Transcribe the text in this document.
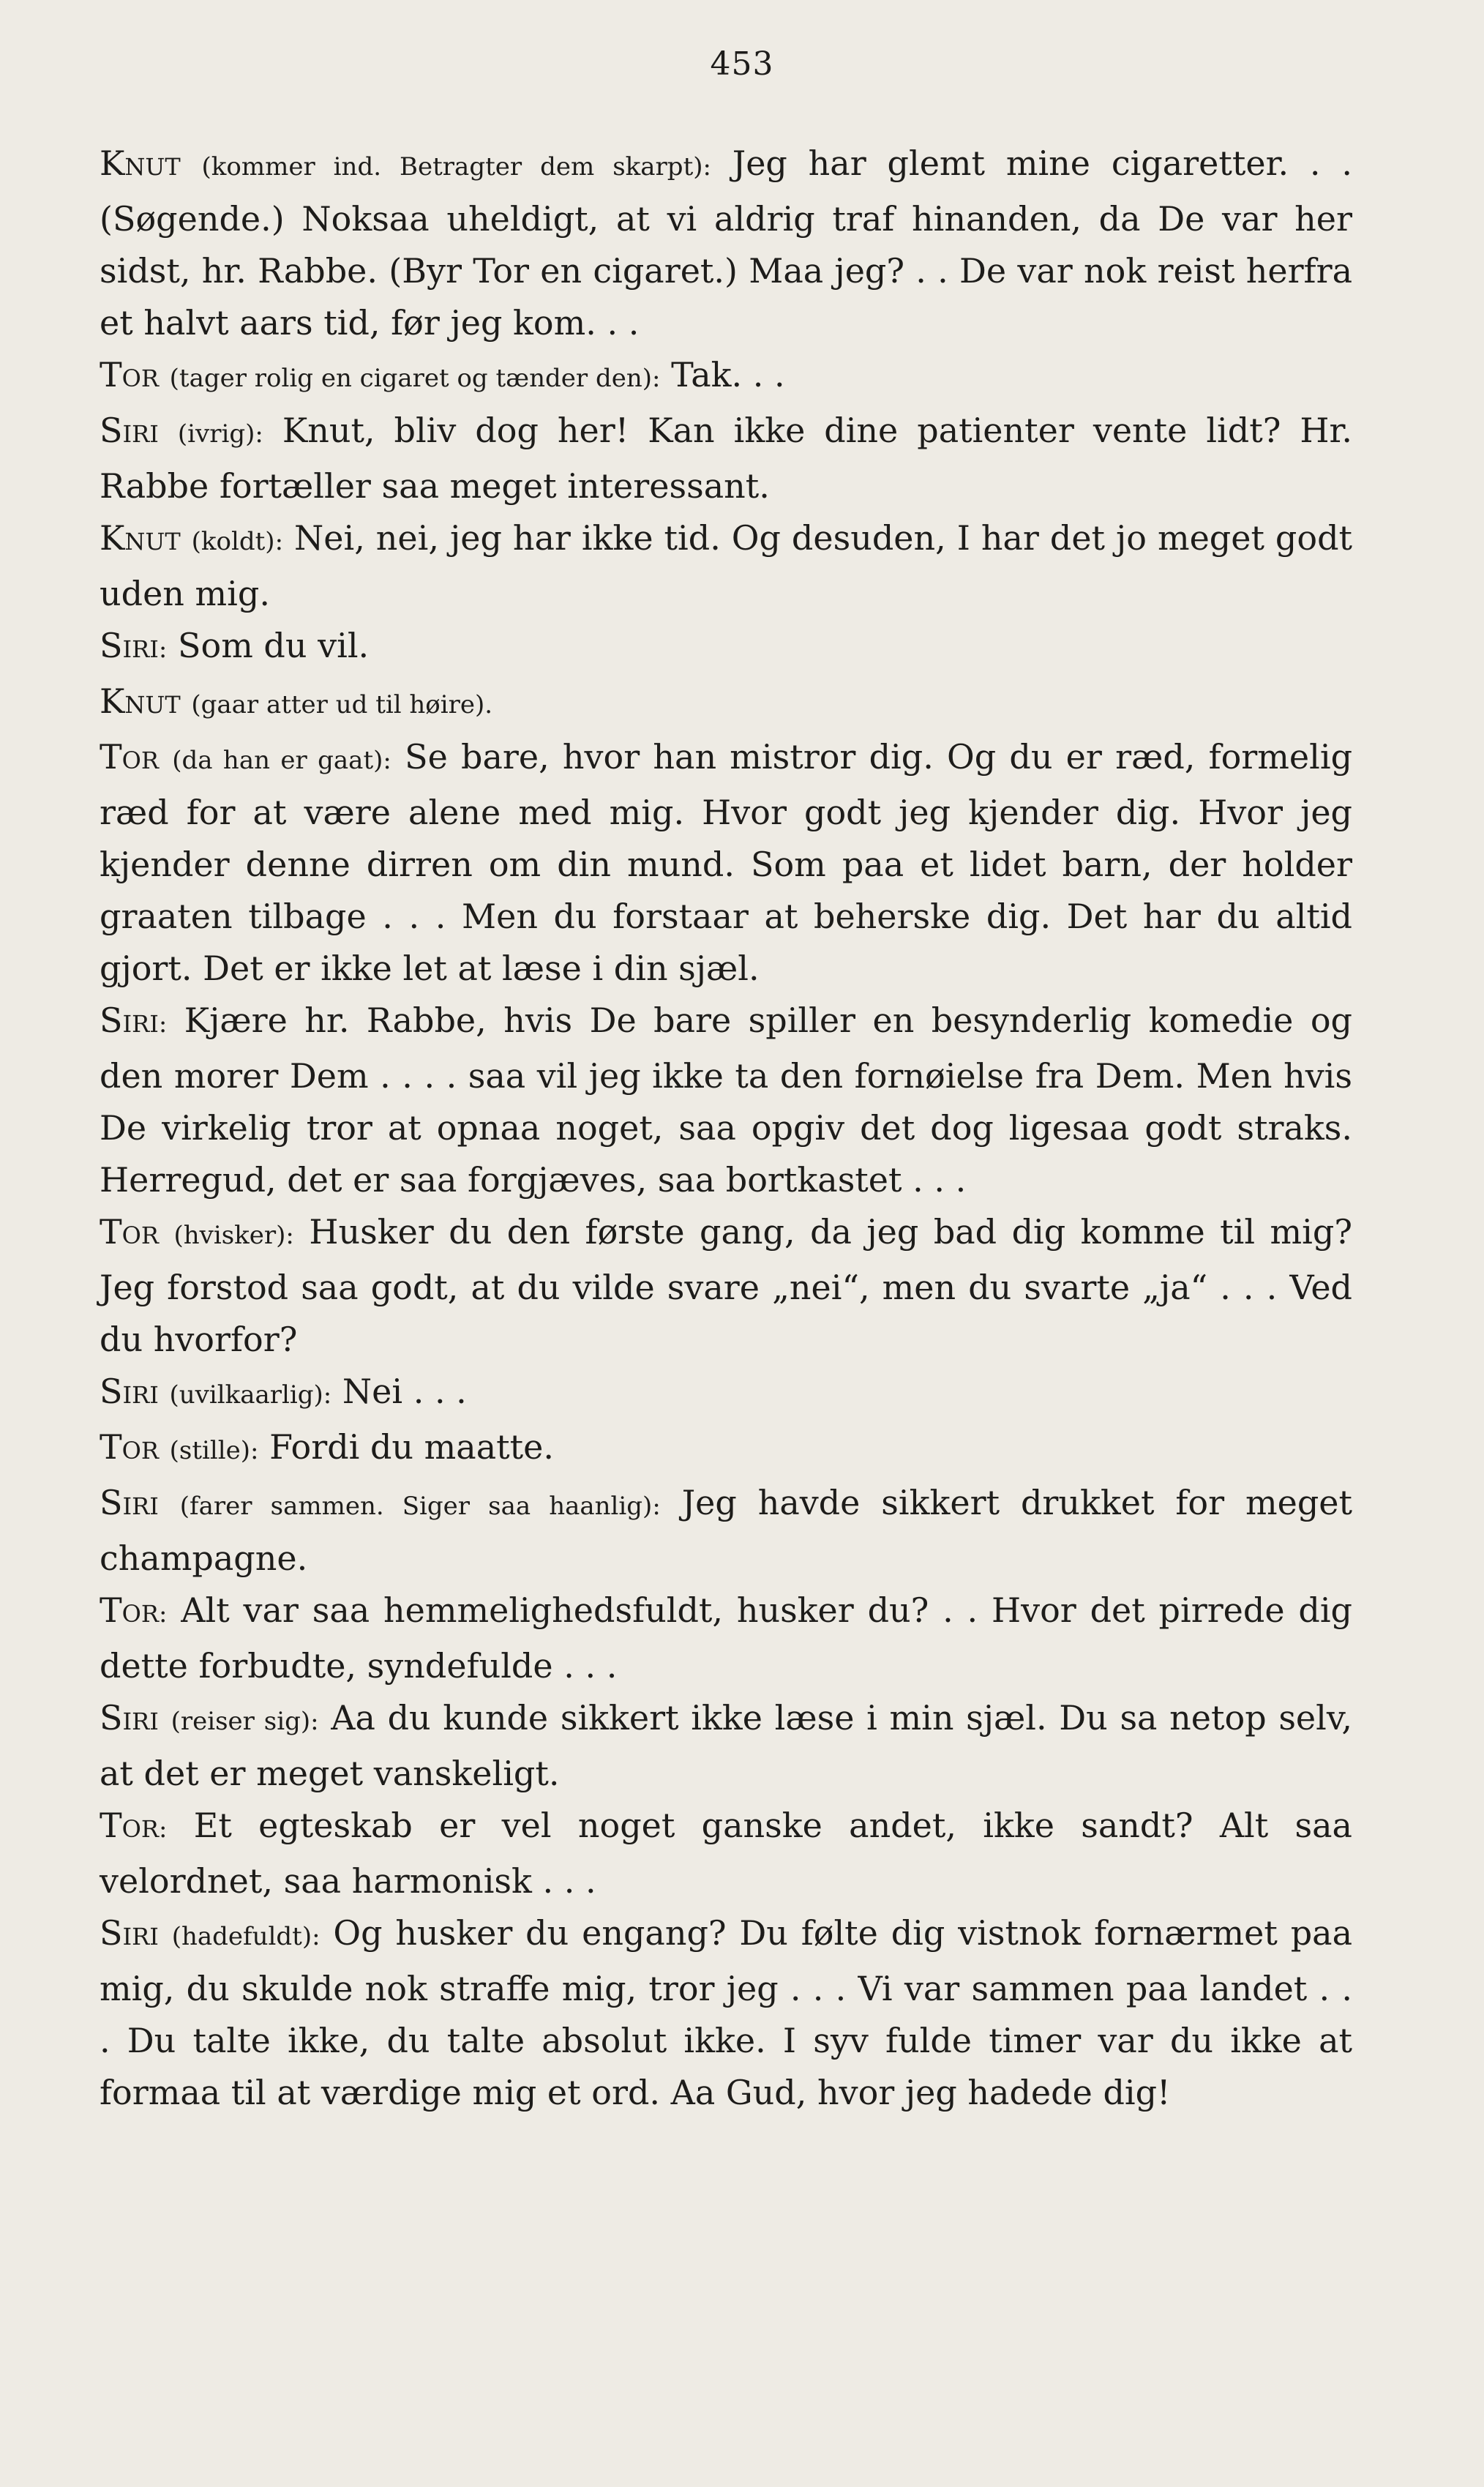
453

Knut (kommer ind. Betragter dem skarpt): Jeg har glemt mine cigaretter. . . (Søgende.) Noksaa uheldigt, at vi aldrig traf hinanden, da De var her sidst, hr. Rabbe. (Byr Tor en cigaret.) Maa jeg? . . De var nok reist herfra et halvt aars tid, før jeg kom. . .

Tor (tager rolig en cigaret og tænder den): Tak. . .

Siri (ivrig): Knut, bliv dog her! Kan ikke dine patienter vente lidt? Hr. Rabbe fortæller saa meget interessant.

Knut (koldt): Nei, nei, jeg har ikke tid. Og desuden, I har det jo meget godt uden mig.

Siri: Som du vil.

Knut (gaar atter ud til høire).

Tor (da han er gaat): Se bare, hvor han mistror dig. Og du er ræd, formelig ræd for at være alene med mig. Hvor godt jeg kjender dig. Hvor jeg kjender denne dirren om din mund. Som paa et lidet barn, der holder graaten tilbage . . . Men du forstaar at beherske dig. Det har du altid gjort. Det er ikke let at læse i din sjæl.

Siri: Kjære hr. Rabbe, hvis De bare spiller en besynderlig komedie og den morer Dem . . . . saa vil jeg ikke ta den fornøielse fra Dem. Men hvis De virkelig tror at opnaa noget, saa opgiv det dog ligesaa godt straks. Herregud, det er saa forgjæves, saa bortkastet . . .

Tor (hvisker): Husker du den første gang, da jeg bad dig komme til mig? Jeg forstod saa godt, at du vilde svare „nei“, men du svarte „ja“ . . . Ved du hvorfor?

Siri (uvilkaarlig): Nei . . .

Tor (stille): Fordi du maatte.

Siri (farer sammen. Siger saa haanlig): Jeg havde sikkert drukket for meget champagne.

Tor: Alt var saa hemmelighedsfuldt, husker du? . . Hvor det pirrede dig dette forbudte, syndefulde . . .

Siri (reiser sig): Aa du kunde sikkert ikke læse i min sjæl. Du sa netop selv, at det er meget vanskeligt.

Tor: Et egteskab er vel noget ganske andet, ikke sandt? Alt saa velordnet, saa harmonisk . . .

Siri (hadefuldt): Og husker du engang? Du følte dig vistnok fornærmet paa mig, du skulde nok straffe mig, tror jeg . . . Vi var sammen paa landet . . . Du talte ikke, du talte absolut ikke. I syv fulde timer var du ikke at formaa til at værdige mig et ord. Aa Gud, hvor jeg hadede dig!
